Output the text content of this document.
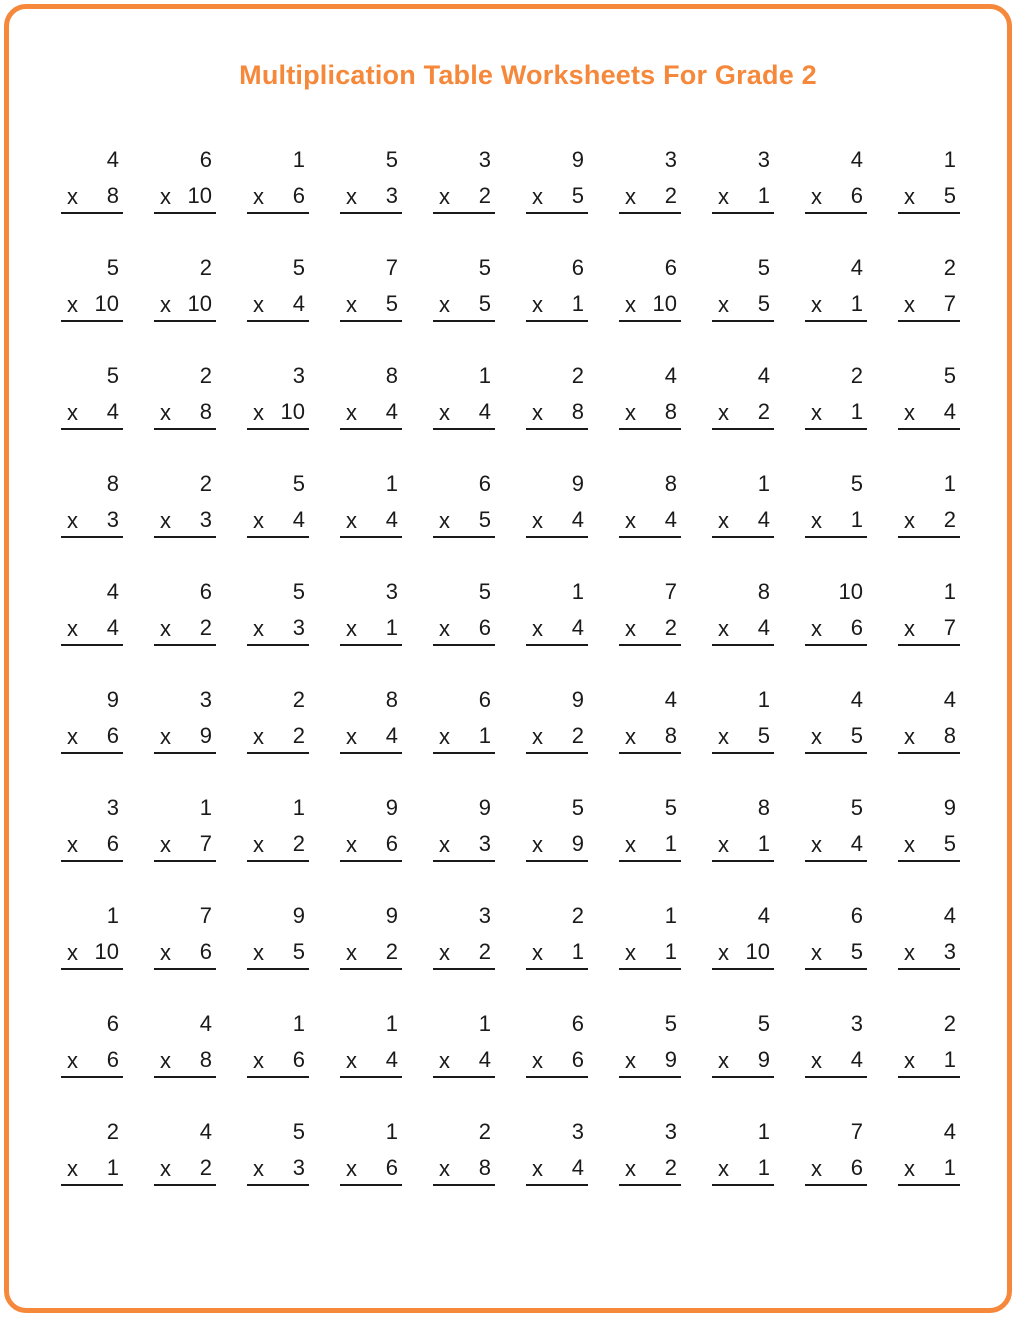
Multiplication Table Worksheets For Grade 2
4
x 8
6
x 10
1
x 6
5
x 3
3
x 2
9
x 5
3
x 2
3
x 1
4
x 6
1
x 5
5
x 10
2
x 10
5
x 4
7
x 5
5
x 5
6
x 1
6
x 10
5
x 5
4
x 1
2
x 7
5
x 4
2
x 8
3
x 10
8
x 4
1
x 4
2
x 8
4
x 8
4
x 2
2
x 1
5
x 4
8
x 3
2
x 3
5
x 4
1
x 4
6
x 5
9
x 4
8
x 4
1
x 4
5
x 1
1
x 2
4
x 4
6
x 2
5
x 3
3
x 1
5
x 6
1
x 4
7
x 2
8
x 4
10
x 6
1
x 7
9
x 6
3
x 9
2
x 2
8
x 4
6
x 1
9
x 2
4
x 8
1
x 5
4
x 5
4
x 8
3
x 6
1
x 7
1
x 2
9
x 6
9
x 3
5
x 9
5
x 1
8
x 1
5
x 4
9
x 5
1
x 10
7
x 6
9
x 5
9
x 2
3
x 2
2
x 1
1
x 1
4
x 10
6
x 5
4
x 3
6
x 6
4
x 8
1
x 6
1
x 4
1
x 4
6
x 6
5
x 9
5
x 9
3
x 4
2
x 1
2
x 1
4
x 2
5
x 3
1
x 6
2
x 8
3
x 4
3
x 2
1
x 1
7
x 6
4
x 1
